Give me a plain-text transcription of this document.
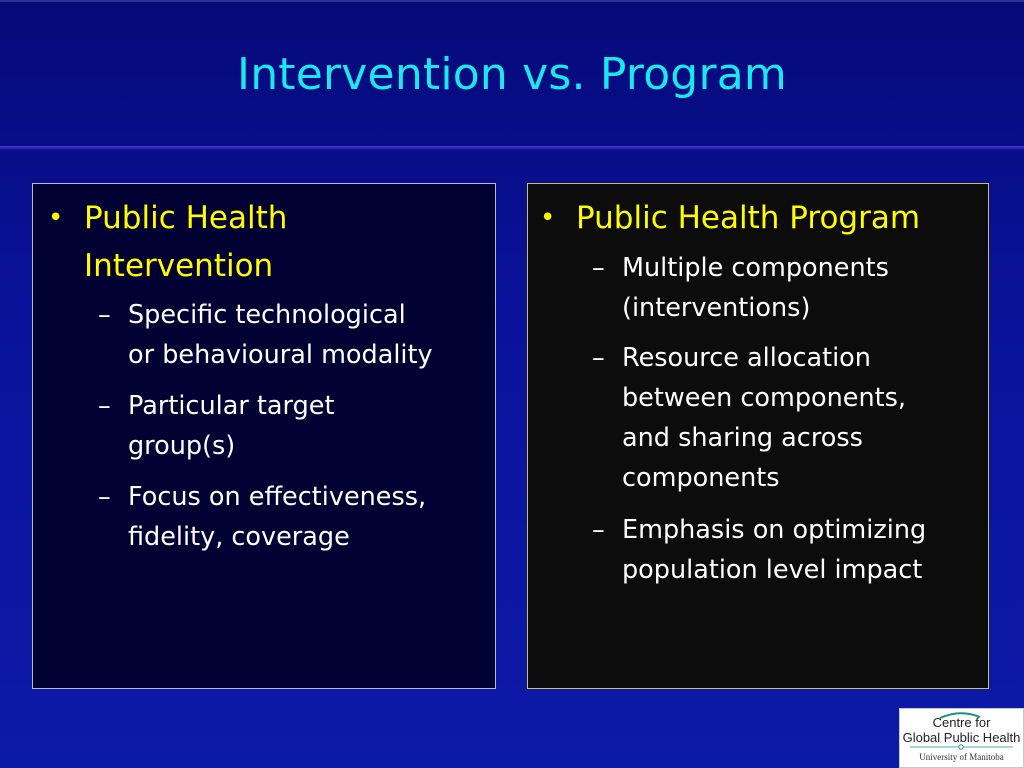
Intervention vs. Program
• Public Health
Intervention
– Specific technological
or behavioural modality
– Particular target
group(s)
– Focus on effectiveness,
fidelity, coverage
• Public Health Program
– Multiple components
(interventions)
– Resource allocation
between components,
and sharing across
components
– Emphasis on optimizing
population level impact
Centre for
Global Public Health
University of Manitoba
